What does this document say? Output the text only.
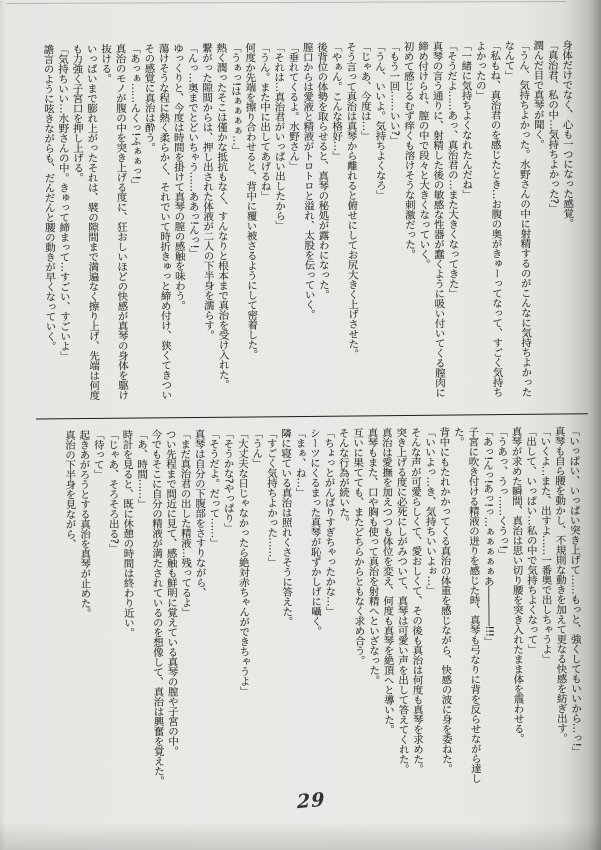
身体だけでなく、心も一つになった感覚。

「真治君、私の中…気持ちよかった?」

潤んだ目で真琴が聞く。

「うん、気持ちよかった。水野さんの中に射精するのがこんなに気持ちよかったなんて」

「私もね、真治君のを感じたとき…お腹の奥がきゅーってなって、すごく気持ちよかったの」

「一緒に気持ちよくなれたんだね」

「そうだよ……あっ、真治君の…また大きくなってきた」

真琴の言う通りに、射精した後の敏感な性器が蠢くように吸い付いてくる膣肉に締め付けられ、膣の中で段々と大きくなっていく。

初めて感じるむず痒くも溶けそうな刺激だった。

「もう一回……いい?」

「うん、いいよ。気持ちよくなろ」

「じゃあ、今度は…」

そう言って真治は真琴から離れると俯せにしてお尻大きく上げさせた。

「やぁん。こんな格好…」

後背位の体勢を取らせると、真琴の秘処が露わになった。

膣口からは愛液と精液がトロトロと溢れ、太股を伝っていく。

「垂れてくるよ。水野さん」

「それは…真治君がいっぱい出したから」

「うん。また中に出してあげるね」

何度か先端を擦り合わせると、背中に覆い被さるようにして密着した。

「うぁっ!はぁぁぁぁ…」

熱く潤ったそこは僅かな抵抗もなく、すんなりと根本まで真治を受け入れた。

繋がった隙間からは、押し出された体液が二人の下半身を濡らす。

「んっ…奥までとどいちゃう……ああっ!んっ!」

ゆっくりと、今度は時間を掛けて真琴の膣の感触を味わう。

蕩けそうな程に熱く柔らかく、それでいて時折きゅっと締め付け、狭くてきついその感覚に真治は酔う。

「あっぁ……んくっ!ふぁぁっ!」

真治のモノが腹の中を突き上げる度に、狂おしいほどの快感が真琴の身体を駆け抜ける。

いっぱいまで膨れ上がったそれは、襞の隙間まで満遍なく擦り上げ、先端は何度も力強く子宮口を押し上げる。

「気持ちいい…水野さんの中。きゅって締まって…すごい、すごいよ」

譫言のように呟きながらも、だんだんと腰の動きが早くなっていく。

「いっぱい、いっぱい突き上げて……もっと、強くしてもいいから…っ!」

真琴も自ら腰を動かし、不規則な動きを加えて更なる快感を紡ぎ出す。

「いくよ…また、出すよ……一番奥で出しちゃうよ」

「出して、いっぱい…私の中で気持ちよくなって」

真琴が求めた瞬間、真治は思い切り腰を突き入れたまま体を震わせる。

「うあっ、うっ……くうっ!」

「あっ!んっ!あっ!っ…ぁぁぁぁぁあ――――!!!」

子宮に吹き付ける精液の迸りを感じた時、真琴も弓なりに背を反らせながら達した。

背中にもたれかかってくる真治の体重を感じながら、快感の波に身を委ねた。

「いいよっ…き、気持ちいいよぉ…」

そんな声が可愛らしくて、愛おしくて、その後も真治は何度も真琴を求めた。

突き上げる度に必死にしがみついて、真琴は可愛い声を出して答えてくれた。

真治は愛撫を加えつつも体位を変え、何度も真琴を絶頂へと導いた。

真琴もまた、口や胸も使って真治を射精へといざなった。

互いに果てても、またどちらからともなく求め合う。

そんな行為が続いた。

「ちょっとがんばりすぎちゃったかな…」

シーツにくるまった真琴が恥ずかしげに囁く。

「まぁ、ね…」

隣に寝ている真治は照れくさそうに答えた。

「すごく気持ちよかった……」

「うん」

「大丈夫な日じゃなかったら絶対赤ちゃんができちゃうよ」

「そうかな?やっぱり」

「そうだよ。だって……」

真琴は自分の下腹部をさすりながら、

「まだ真治君の出した精液…残ってるよ」

つい先程まで間近に見て、感触も鮮明に覚えている真琴の膣や子宮の中。

今でもそこに自分の精液が満たされているのを想像して、真治は興奮を覚えた。

「あ、時間……」

時計を見ると、既に休憩の時間は終わり近い。

「じゃあ、そろそろ出る?」

「待って」

起きあがろうとする真治を真琴が止めた。

真治の下半身を見ながら、

29
